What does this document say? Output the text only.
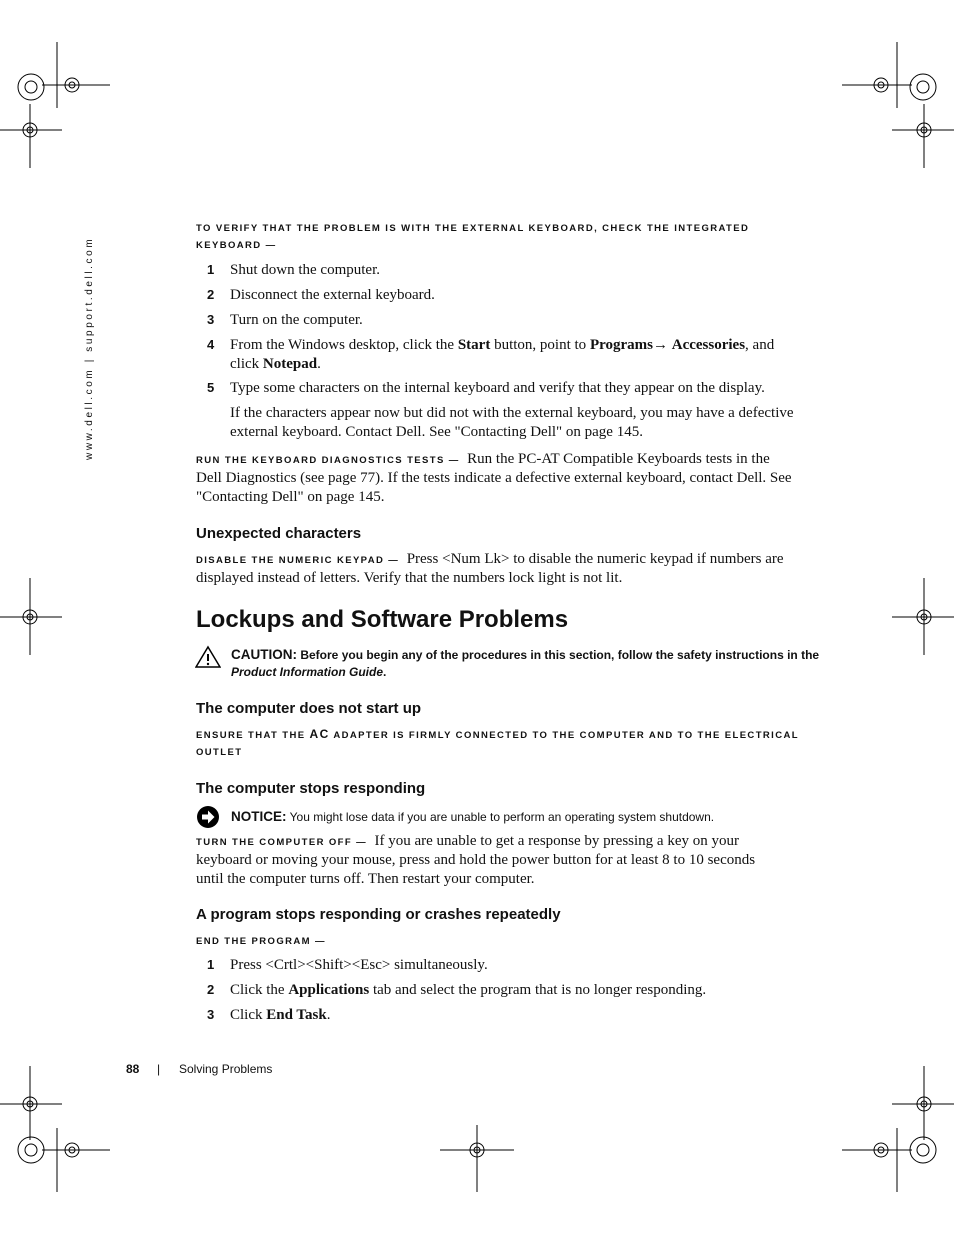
www.dell.com | support.dell.com
TO VERIFY THAT THE PROBLEM IS WITH THE EXTERNAL KEYBOARD, CHECK THE INTEGRATED
KEYBOARD —
1 Shut down the computer.
2 Disconnect the external keyboard.
3 Turn on the computer.
4 From the Windows desktop, click the Start button, point to Programs→ Accessories, and
click Notepad.
5 Type some characters on the internal keyboard and verify that they appear on the display.
If the characters appear now but did not with the external keyboard, you may have a defective
external keyboard. Contact Dell. See "Contacting Dell" on page 145.
RUN THE KEYBOARD DIAGNOSTICS TESTS — Run the PC-AT Compatible Keyboards tests in the
Dell Diagnostics (see page 77). If the tests indicate a defective external keyboard, contact Dell. See
"Contacting Dell" on page 145.
Unexpected characters
DISABLE THE NUMERIC KEYPAD — Press <Num Lk> to disable the numeric keypad if numbers are
displayed instead of letters. Verify that the numbers lock light is not lit.
Lockups and Software Problems
CAUTION: Before you begin any of the procedures in this section, follow the safety instructions in the
Product Information Guide.
The computer does not start up
ENSURE THAT THE AC ADAPTER IS FIRMLY CONNECTED TO THE COMPUTER AND TO THE ELECTRICAL
OUTLET
The computer stops responding
NOTICE: You might lose data if you are unable to perform an operating system shutdown.
TURN THE COMPUTER OFF — If you are unable to get a response by pressing a key on your
keyboard or moving your mouse, press and hold the power button for at least 8 to 10 seconds
until the computer turns off. Then restart your computer.
A program stops responding or crashes repeatedly
END THE PROGRAM —
1 Press <Crtl><Shift><Esc> simultaneously.
2 Click the Applications tab and select the program that is no longer responding.
3 Click End Task.
88 | Solving Problems
